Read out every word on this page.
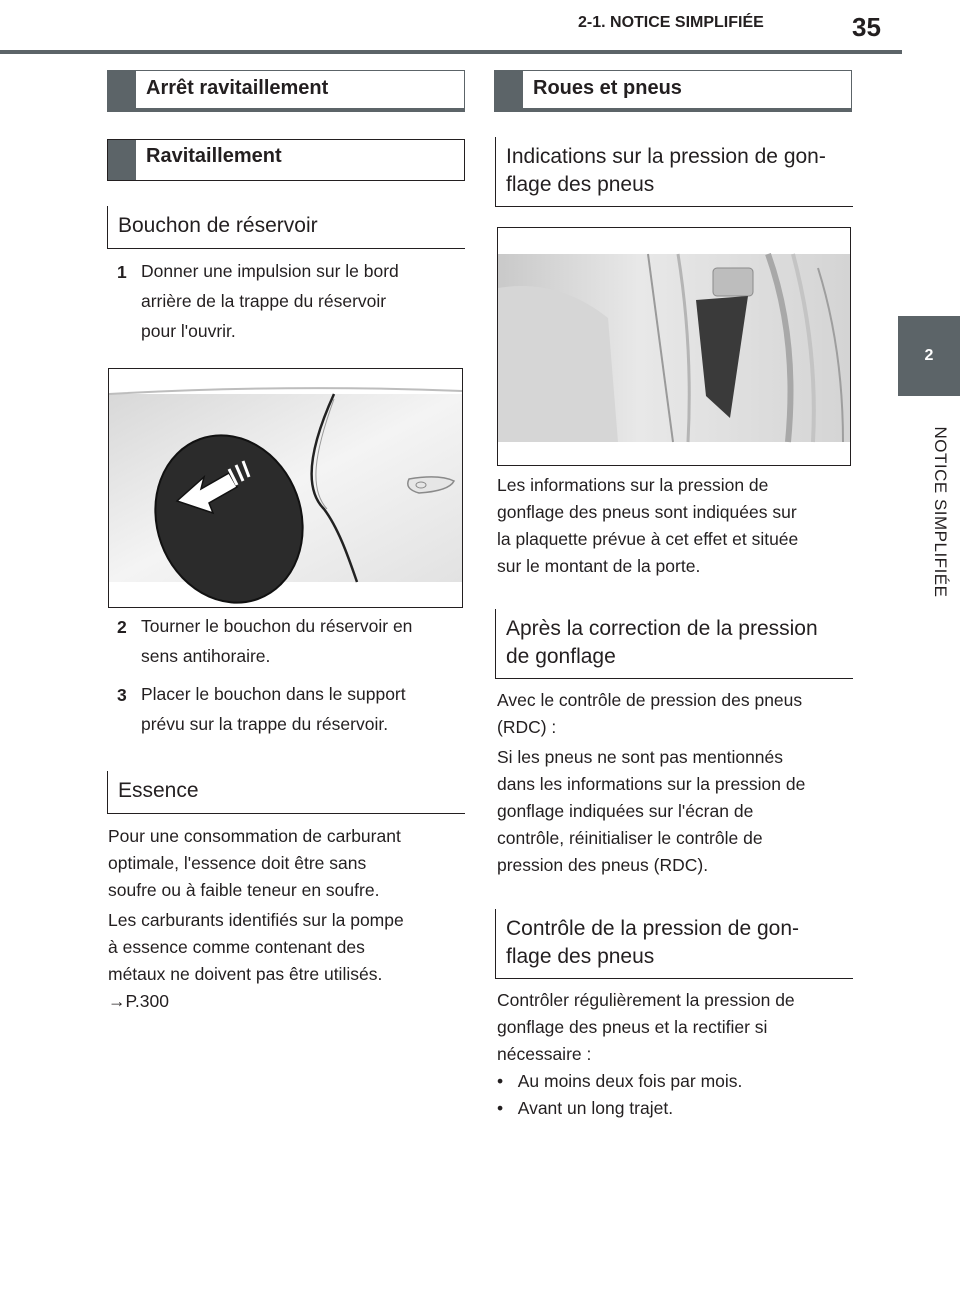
2-1. NOTICE SIMPLIFIÉE	35
2
NOTICE SIMPLIFIÉE
Arrêt ravitaillement
Ravitaillement
Bouchon de réservoir
1 Donner une impulsion sur le bord
arrière de la trappe du réservoir
pour l'ouvrir.
2 Tourner le bouchon du réservoir en
sens antihoraire.
3 Placer le bouchon dans le support
prévu sur la trappe du réservoir.
Essence
Pour une consommation de carburant
optimale, l'essence doit être sans
soufre ou à faible teneur en soufre.
Les carburants identifiés sur la pompe
à essence comme contenant des
métaux ne doivent pas être utilisés.
→P.300
Roues et pneus
Indications sur la pression de gon-
flage des pneus
Les informations sur la pression de
gonflage des pneus sont indiquées sur
la plaquette prévue à cet effet et située
sur le montant de la porte.
Après la correction de la pression
de gonflage
Avec le contrôle de pression des pneus
(RDC) :
Si les pneus ne sont pas mentionnés
dans les informations sur la pression de
gonflage indiquées sur l'écran de
contrôle, réinitialiser le contrôle de
pression des pneus (RDC).
Contrôle de la pression de gon-
flage des pneus
Contrôler régulièrement la pression de
gonflage des pneus et la rectifier si
nécessaire :
•   Au moins deux fois par mois.
•   Avant un long trajet.
